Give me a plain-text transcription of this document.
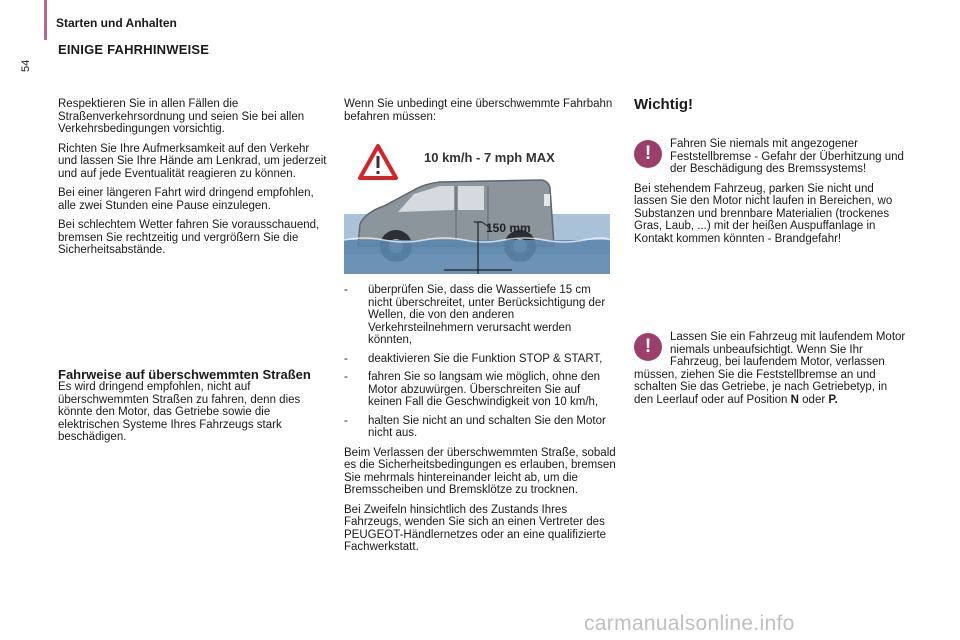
54
Starten und Anhalten
EINIGE FAHRHINWEISE

Respektieren Sie in allen Fällen die Straßenverkehrsordnung und seien Sie bei allen Verkehrsbedingungen vorsichtig.

Richten Sie Ihre Aufmerksamkeit auf den Verkehr und lassen Sie Ihre Hände am Lenkrad, um jederzeit und auf jede Eventualität reagieren zu können.

Bei einer längeren Fahrt wird dringend empfohlen, alle zwei Stunden eine Pause einzulegen.

Bei schlechtem Wetter fahren Sie vorausschauend, bremsen Sie rechtzeitig und vergrößern Sie die Sicherheitsabstände.

Fahrweise auf überschwemmten Straßen

Es wird dringend empfohlen, nicht auf überschwemmten Straßen zu fahren, denn dies könnte den Motor, das Getriebe sowie die elektrischen Systeme Ihres Fahrzeugs stark beschädigen.

Wenn Sie unbedingt eine überschwemmte Fahrbahn befahren müssen:

10 km/h - 7 mph MAX
150 mm
- überprüfen Sie, dass die Wassertiefe 15 cm nicht überschreitet, unter Berücksichtigung der Wellen, die von den anderen Verkehrsteilnehmern verursacht werden könnten,
- deaktivieren Sie die Funktion STOP & START,
- fahren Sie so langsam wie möglich, ohne den Motor abzuwürgen. Überschreiten Sie auf keinen Fall die Geschwindigkeit von 10 km/h,
- halten Sie nicht an und schalten Sie den Motor nicht aus.

Beim Verlassen der überschwemmten Straße, sobald es die Sicherheitsbedingungen es erlauben, bremsen Sie mehrmals hintereinander leicht ab, um die Bremsscheiben und Bremsklötze zu trocknen.

Bei Zweifeln hinsichtlich des Zustands Ihres Fahrzeugs, wenden Sie sich an einen Vertreter des PEUGEOT-Händlernetzes oder an eine qualifizierte Fachwerkstatt.

Wichtig!
!	Fahren Sie niemals mit angezogener Feststellbremse - Gefahr der Überhitzung und der Beschädigung des Bremssystems!

Bei stehendem Fahrzeug, parken Sie nicht und lassen Sie den Motor nicht laufen in Bereichen, wo Substanzen und brennbare Materialien (trockenes Gras, Laub, ...) mit der heißen Auspuffanlage in Kontakt kommen könnten - Brandgefahr!

!	Lassen Sie ein Fahrzeug mit laufendem Motor niemals unbeaufsichtigt. Wenn Sie Ihr Fahrzeug, bei laufendem Motor, verlassen müssen, ziehen Sie die Feststellbremse an und schalten Sie das Getriebe, je nach Getriebetyp, in den Leerlauf oder auf Position N oder P.

carmanualsonline.info
